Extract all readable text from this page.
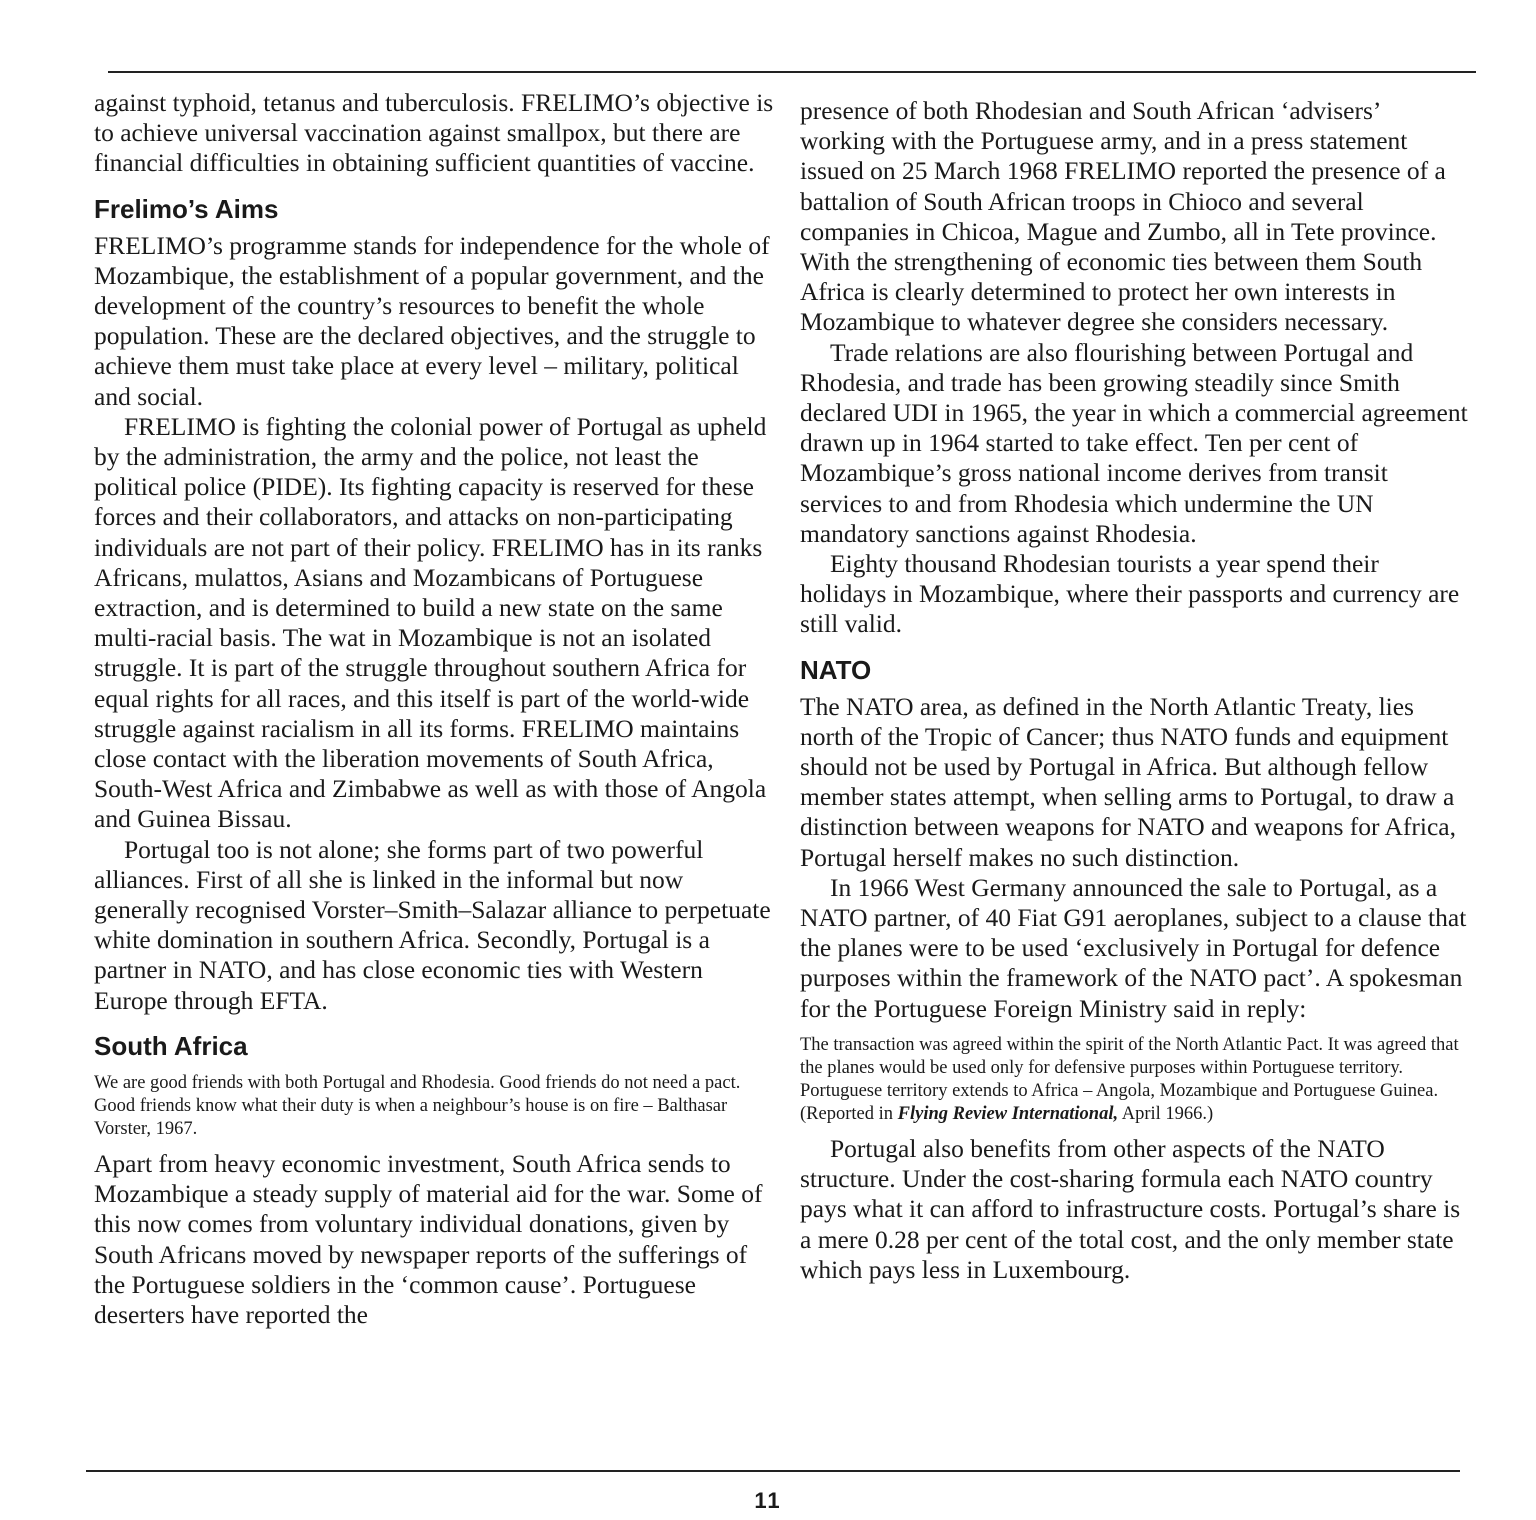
against typhoid, tetanus and tuberculosis. FRELIMO’s objective is to achieve universal vaccination against smallpox, but there are financial difficulties in obtaining sufficient quantities of vaccine.

Frelimo’s Aims

FRELIMO’s programme stands for independence for the whole of Mozambique, the establishment of a popular government, and the development of the country’s resources to benefit the whole population. These are the declared objectives, and the struggle to achieve them must take place at every level – military, political and social.

FRELIMO is fighting the colonial power of Portugal as upheld by the administration, the army and the police, not least the political police (PIDE). Its fighting capacity is reserved for these forces and their collaborators, and attacks on non-participating individuals are not part of their policy. FRELIMO has in its ranks Africans, mulattos, Asians and Mozambicans of Portuguese extraction, and is determined to build a new state on the same multi-racial basis. The wat in Mozambique is not an isolated struggle. It is part of the struggle throughout southern Africa for equal rights for all races, and this itself is part of the world-wide struggle against racialism in all its forms. FRELIMO maintains close contact with the liberation movements of South Africa, South-West Africa and Zimbabwe as well as with those of Angola and Guinea Bissau.

Portugal too is not alone; she forms part of two powerful alliances. First of all she is linked in the informal but now generally recognised Vorster–Smith–Salazar alliance to perpetuate white domination in southern Africa. Secondly, Portugal is a partner in NATO, and has close economic ties with Western Europe through EFTA.

South Africa

We are good friends with both Portugal and Rhodesia. Good friends do not need a pact. Good friends know what their duty is when a neighbour’s house is on fire – Balthasar Vorster, 1967.

Apart from heavy economic investment, South Africa sends to Mozambique a steady supply of material aid for the war. Some of this now comes from voluntary individual donations, given by South Africans moved by newspaper reports of the sufferings of the Portuguese soldiers in the ‘common cause’. Portuguese deserters have reported the

presence of both Rhodesian and South African ‘advisers’ working with the Portuguese army, and in a press statement issued on 25 March 1968 FRELIMO reported the presence of a battalion of South African troops in Chioco and several companies in Chicoa, Mague and Zumbo, all in Tete province. With the strengthening of economic ties between them South Africa is clearly determined to protect her own interests in Mozambique to whatever degree she considers necessary.

Trade relations are also flourishing between Portugal and Rhodesia, and trade has been growing steadily since Smith declared UDI in 1965, the year in which a commercial agreement drawn up in 1964 started to take effect. Ten per cent of Mozambique’s gross national income derives from transit services to and from Rhodesia which undermine the UN mandatory sanctions against Rhodesia.

Eighty thousand Rhodesian tourists a year spend their holidays in Mozambique, where their passports and currency are still valid.

NATO

The NATO area, as defined in the North Atlantic Treaty, lies north of the Tropic of Cancer; thus NATO funds and equipment should not be used by Portugal in Africa. But although fellow member states attempt, when selling arms to Portugal, to draw a distinction between weapons for NATO and weapons for Africa, Portugal herself makes no such distinction.

In 1966 West Germany announced the sale to Portugal, as a NATO partner, of 40 Fiat G91 aeroplanes, subject to a clause that the planes were to be used ‘exclusively in Portugal for defence purposes within the framework of the NATO pact’. A spokesman for the Portuguese Foreign Ministry said in reply:

The transaction was agreed within the spirit of the North Atlantic Pact. It was agreed that the planes would be used only for defensive purposes within Portuguese territory. Portuguese territory extends to Africa – Angola, Mozambique and Portuguese Guinea. (Reported in Flying Review International, April 1966.)

Portugal also benefits from other aspects of the NATO structure. Under the cost-sharing formula each NATO country pays what it can afford to infrastructure costs. Portugal’s share is a mere 0.28 per cent of the total cost, and the only member state which pays less in Luxembourg.

11
